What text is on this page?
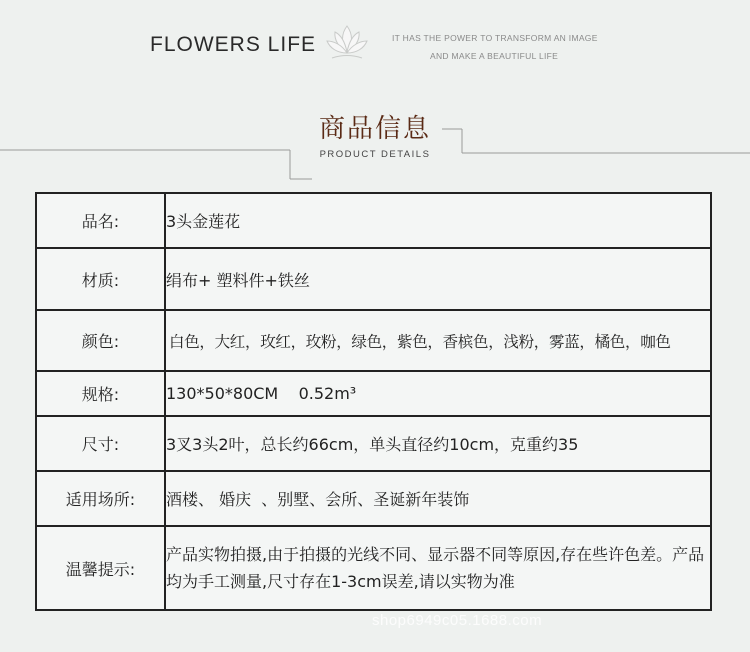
FLOWERS LIFE	IT HAS THE POWER TO TRANSFORM AN IMAGE
AND MAKE A BEAUTIFUL LIFE
商品信息
PRODUCT DETAILS
品名:	3头金莲花
材质:	绢布+ 塑料件+铁丝
颜色:	白色，大红，玫红，玫粉，绿色，紫色，香槟色，浅粉，雾蓝，橘色，咖色
规格:	130*50*80CM    0.52m³
尺寸:	3叉3头2叶，总长约66cm，单头直径约10cm，克重约35
适用场所:	酒楼、 婚庆  、别墅、会所、圣诞新年装饰
温馨提示:	产品实物拍摄,由于拍摄的光线不同、显示器不同等原因,存在些许色差。产品均为手工测量,尺寸存在1-3cm误差,请以实物为准
shop6949c05.1688.com
